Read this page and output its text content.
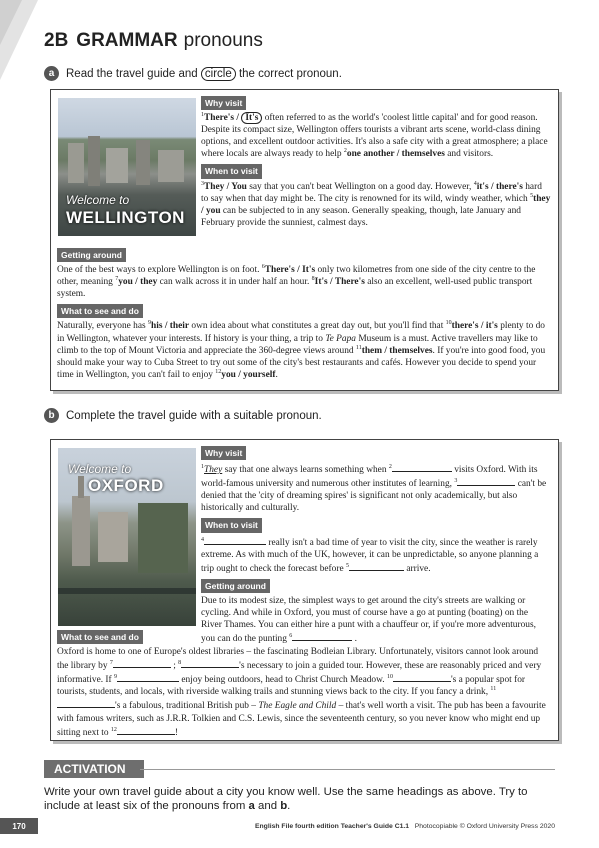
2B GRAMMAR pronouns
a	Read the travel guide and
circle
the correct pronoun.
Welcome to
WELLINGTON
Why visit

$^1$There's / It's often referred to as the world's 'coolest little capital' and for good reason. Despite its compact size, Wellington offers tourists a vibrant arts scene, world-class dining options, and excellent outdoor activities. It's also a safe city with a great atmosphere; a place where locals are always ready to help $^2$one another / themselves and visitors.

When to visit

$^3$They / You say that you can't beat Wellington on a good day. However, $^4$it's / there's hard to say when that day might be. The city is renowned for its wild, windy weather, which $^5$they / you can be subjected to in any season. Generally speaking, though, late January and February provide the sunniest, calmest days.

Getting around

One of the best ways to explore Wellington is on foot. $^6$There's / It's only two kilometres from one side of the city centre to the other, meaning $^7$you / they can walk across it in under half an hour. $^8$It's / There's also an excellent, well-used public transport system.

What to see and do

Naturally, everyone has $^9$his / their own idea about what constitutes a great day out, but you'll find that $^{10}$there's / it's plenty to do in Wellington, whatever your interests. If history is your thing, a trip to Te Papa Museum is a must. Active travellers may like to climb to the top of Mount Victoria and appreciate the 360-degree views around $^{11}$them / themselves. If you're into good food, you should make your way to Cuba Street to try out some of the city's best restaurants and cafés. However you decide to spend your time in Wellington, you can't fail to enjoy $^{12}$you / yourself.

b Complete the travel guide with a suitable pronoun.
Welcome to
OXFORD
Why visit

$^1$They say that one always learns something when $^2$	visits Oxford. With its world-famous university and numerous other institutes of learning, $^3$	can't be denied that the 'city of dreaming spires' is significant not only academically, but also historically and culturally.

When to visit

$^4$	really isn't a bad time of year to visit the city, since the weather is rarely extreme. As with much of the UK, however, it can be unpredictable, so anyone planning a trip ought to check the forecast before $^5$	arrive.

Getting around

Due to its modest size, the simplest ways to get around the city's streets are walking or cycling. And while in Oxford, you must of course have a go at punting (boating) on the River Thames. You can either hire a punt with a chauffeur or, if you're more adventurous, you can do the punting $^6$	.

What to see and do

Oxford is home to one of Europe's oldest libraries – the fascinating Bodleian Library. Unfortunately, visitors cannot look around the library by $^7$	; $^8$	's necessary to join a guided tour. However, these are reasonably priced and very informative. If $^9$	enjoy being outdoors, head to Christ Church Meadow. $^{10}$	's a popular spot for tourists, students, and locals, with riverside walking trails and stunning views back to the city. If you fancy a drink, $^{11}$'s a fabulous, traditional British pub – The Eagle and Child – that's well worth a visit. The pub has been a favourite with famous writers, such as J.R.R. Tolkien and C.S. Lewis, since the seventeenth century, so you never know who might end up sitting next to $^{12}$	!

ACTIVATION
Write your own travel guide about a city you know well. Use the same headings as above. Try to include at least six of the pronouns from a and b.
170	English File fourth edition Teacher's Guide C1.1 Photocopiable © Oxford University Press 2020
